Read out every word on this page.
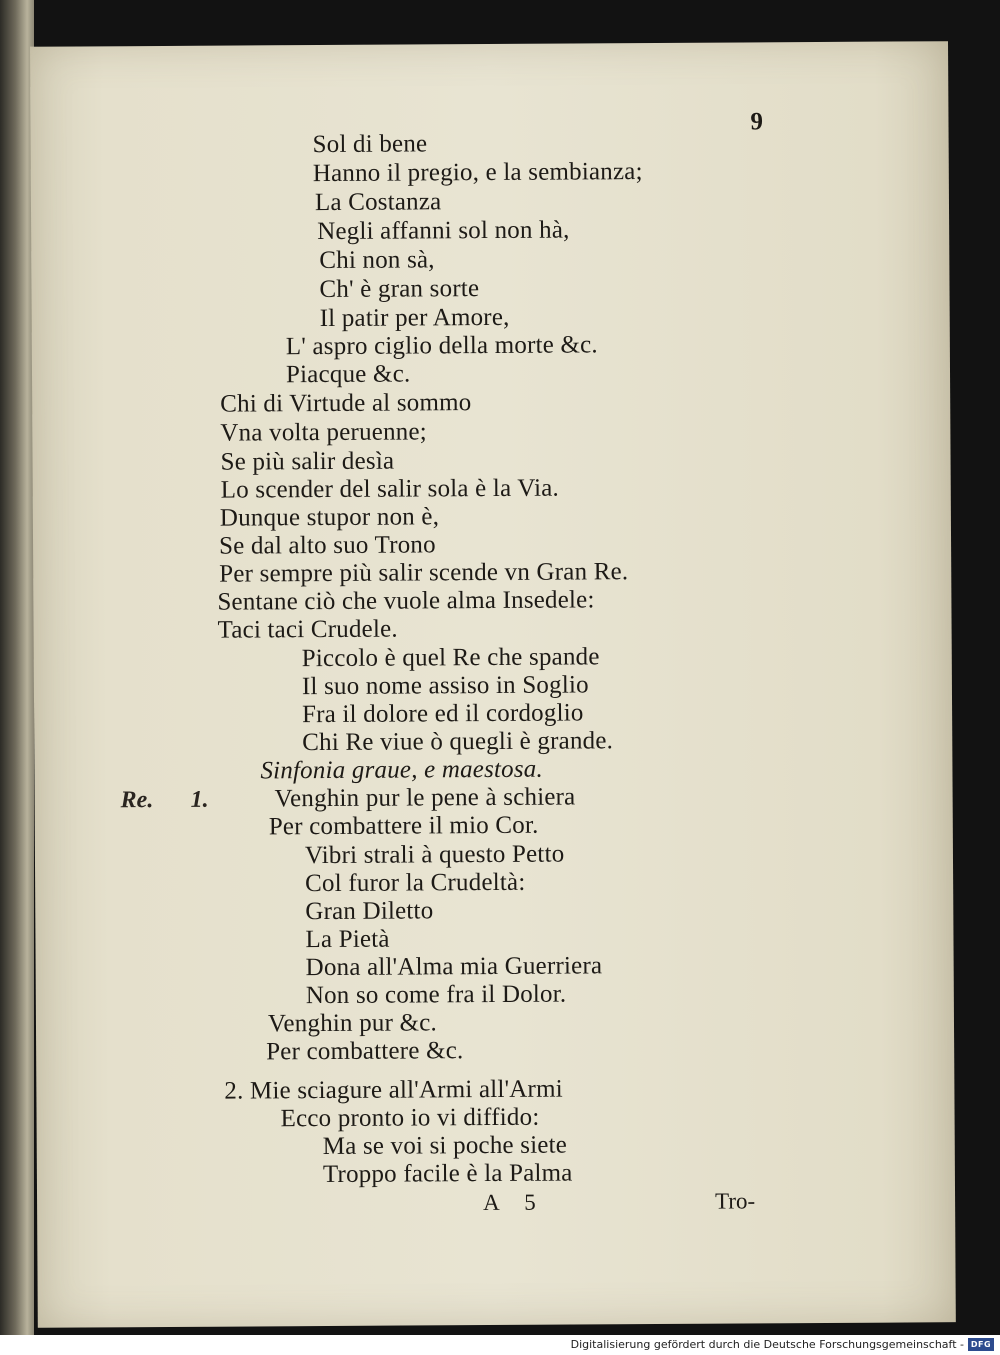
9
Sol di bene
Hanno il pregio, e la sembianza;
La Costanza
Negli affanni sol non hà,
Chi non sà,
Ch' è gran sorte
Il patir per Amore,
L' aspro ciglio della morte &c.
Piacque &c.
Chi di Virtude al sommo
Vna volta peruenne;
Se più salir desìa
Lo scender del salir sola è la Via.
Dunque stupor non è,
Se dal alto suo Trono
Per sempre più salir scende vn Gran Re.
Sentane ciò che vuole alma Insedele:
Taci taci Crudele.
Piccolo è quel Re che spande
Il suo nome assiso in Soglio
Fra il dolore ed il cordoglio
Chi Re viue ò quegli è grande.
Sinfonia graue, e maestosa.
Re. 1.	Venghin pur le pene à schiera
Per combattere il mio Cor.
Vibri strali à questo Petto
Col furor la Crudeltà:
Gran Diletto
La Pietà
Dona all'Alma mia Guerriera
Non so come fra il Dolor.
Venghin pur &c.
Per combattere &c.
2. Mie sciagure all'Armi all'Armi
Ecco pronto io vi diffido:
Ma se voi si poche siete
Troppo facile è la Palma
A 5	Tro-
Digitalisierung gefördert durch die Deutsche Forschungsgemeinschaft - DFG
